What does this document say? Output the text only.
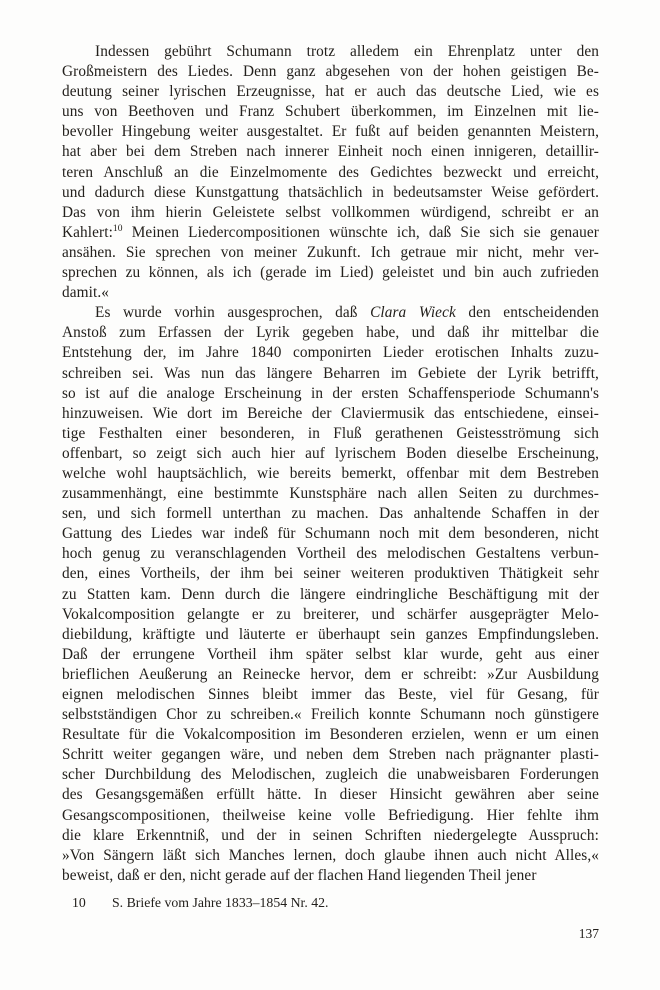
Indessen gebührt Schumann trotz alledem ein Ehrenplatz unter den
Großmeistern des Liedes. Denn ganz abgesehen von der hohen geistigen Be-
deutung seiner lyrischen Erzeugnisse, hat er auch das deutsche Lied, wie es
uns von Beethoven und Franz Schubert überkommen, im Einzelnen mit lie-
bevoller Hingebung weiter ausgestaltet. Er fußt auf beiden genannten Meistern,
hat aber bei dem Streben nach innerer Einheit noch einen innigeren, detaillir-
teren Anschluß an die Einzelmomente des Gedichtes bezweckt und erreicht,
und dadurch diese Kunstgattung thatsächlich in bedeutsamster Weise gefördert.
Das von ihm hierin Geleistete selbst vollkommen würdigend, schreibt er an
Kahlert:$^{10}$ Meinen Liedercompositionen wünschte ich, daß Sie sich sie genauer
ansähen. Sie sprechen von meiner Zukunft. Ich getraue mir nicht, mehr ver-
sprechen zu können, als ich (gerade im Lied) geleistet und bin auch zufrieden
damit.«
Es wurde vorhin ausgesprochen, daß Clara Wieck den entscheidenden
Anstoß zum Erfassen der Lyrik gegeben habe, und daß ihr mittelbar die
Entstehung der, im Jahre 1840 componirten Lieder erotischen Inhalts zuzu-
schreiben sei. Was nun das längere Beharren im Gebiete der Lyrik betrifft,
so ist auf die analoge Erscheinung in der ersten Schaffensperiode Schumann's
hinzuweisen. Wie dort im Bereiche der Claviermusik das entschiedene, einsei-
tige Festhalten einer besonderen, in Fluß gerathenen Geistesströmung sich
offenbart, so zeigt sich auch hier auf lyrischem Boden dieselbe Erscheinung,
welche wohl hauptsächlich, wie bereits bemerkt, offenbar mit dem Bestreben
zusammenhängt, eine bestimmte Kunstsphäre nach allen Seiten zu durchmes-
sen, und sich formell unterthan zu machen. Das anhaltende Schaffen in der
Gattung des Liedes war indeß für Schumann noch mit dem besonderen, nicht
hoch genug zu veranschlagenden Vortheil des melodischen Gestaltens verbun-
den, eines Vortheils, der ihm bei seiner weiteren produktiven Thätigkeit sehr
zu Statten kam. Denn durch die längere eindringliche Beschäftigung mit der
Vokalcomposition gelangte er zu breiterer, und schärfer ausgeprägter Melo-
diebildung, kräftigte und läuterte er überhaupt sein ganzes Empfindungsleben.
Daß der errungene Vortheil ihm später selbst klar wurde, geht aus einer
brieflichen Aeußerung an Reinecke hervor, dem er schreibt: »Zur Ausbildung
eignen melodischen Sinnes bleibt immer das Beste, viel für Gesang, für
selbstständigen Chor zu schreiben.« Freilich konnte Schumann noch günstigere
Resultate für die Vokalcomposition im Besonderen erzielen, wenn er um einen
Schritt weiter gegangen wäre, und neben dem Streben nach prägnanter plasti-
scher Durchbildung des Melodischen, zugleich die unabweisbaren Forderungen
des Gesangsgemäßen erfüllt hätte. In dieser Hinsicht gewähren aber seine
Gesangscompositionen, theilweise keine volle Befriedigung. Hier fehlte ihm
die klare Erkenntniß, und der in seinen Schriften niedergelegte Ausspruch:
»Von Sängern läßt sich Manches lernen, doch glaube ihnen auch nicht Alles,«
beweist, daß er den, nicht gerade auf der flachen Hand liegenden Theil jener
10	S. Briefe vom Jahre 1833–1854 Nr. 42.
137
